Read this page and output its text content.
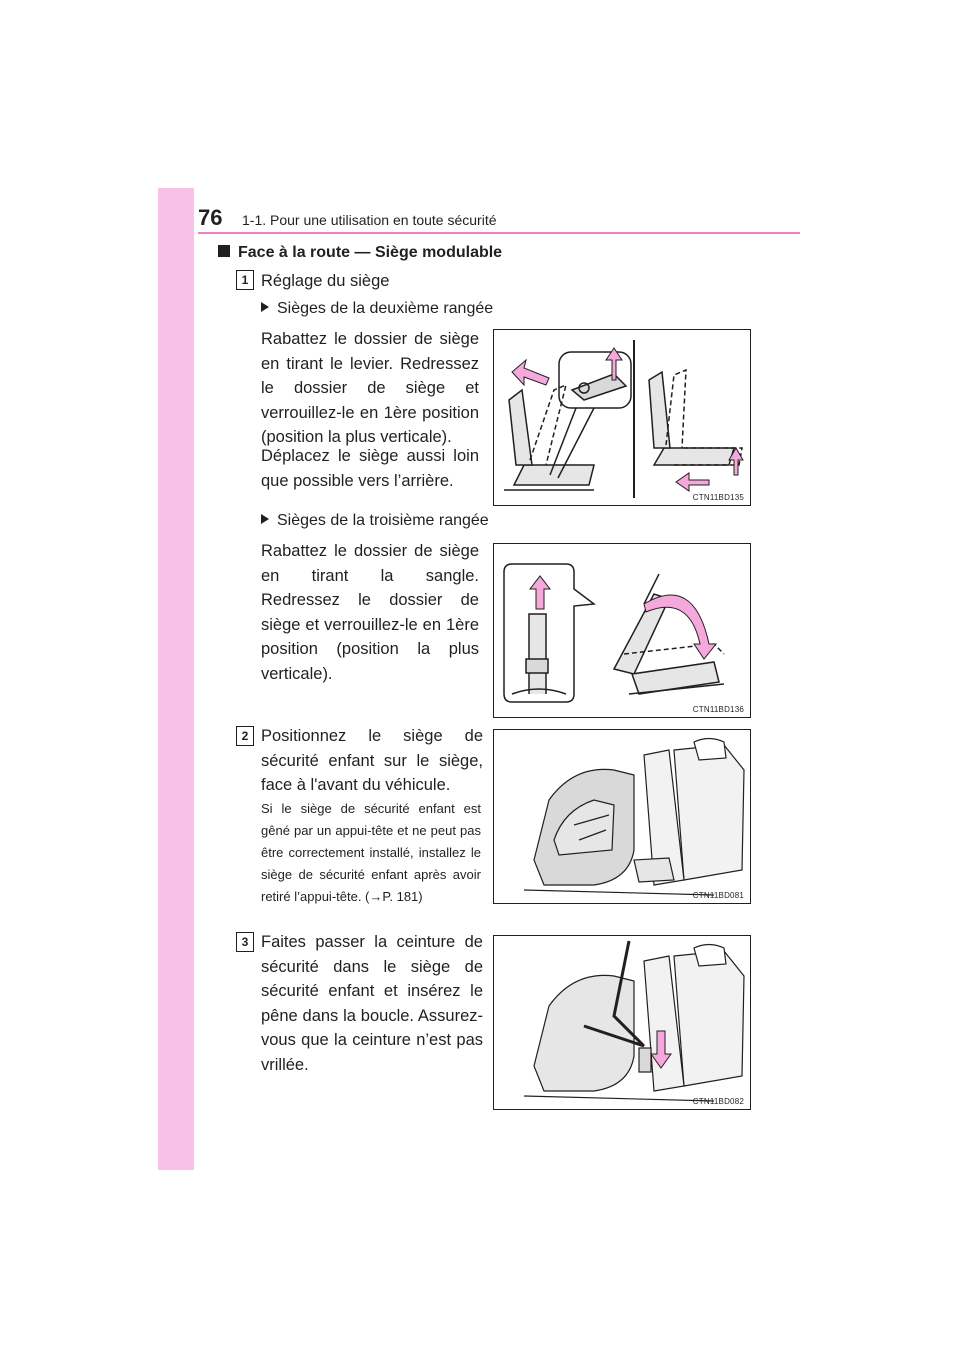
76 1-1. Pour une utilisation en toute sécurité
Face à la route — Siège modulable
1 Réglage du siège
Sièges de la deuxième rangée
Rabattez le dossier de siège en tirant le levier. Redressez le dossier de siège et verrouillez-le en 1ère position (position la plus verticale).
Déplacez le siège aussi loin que possible vers l’arrière.
Sièges de la troisième rangée
Rabattez le dossier de siège en tirant la sangle. Redressez le dossier de siège et verrouillez-le en 1ère position (position la plus verticale).
2 Positionnez le siège de sécurité enfant sur le siège, face à l'avant du véhicule.
Si le siège de sécurité enfant est gêné par un appui-tête et ne peut pas être correctement installé, installez le siège de sécurité enfant après avoir retiré l’appui-tête. (→P. 181)
3 Faites passer la ceinture de sécurité dans le siège de sécurité enfant et insérez le pêne dans la boucle. Assurez-vous que la ceinture n’est pas vrillée.
CTN11BD135
CTN11BD136
CTN11BD081
CTN11BD082
